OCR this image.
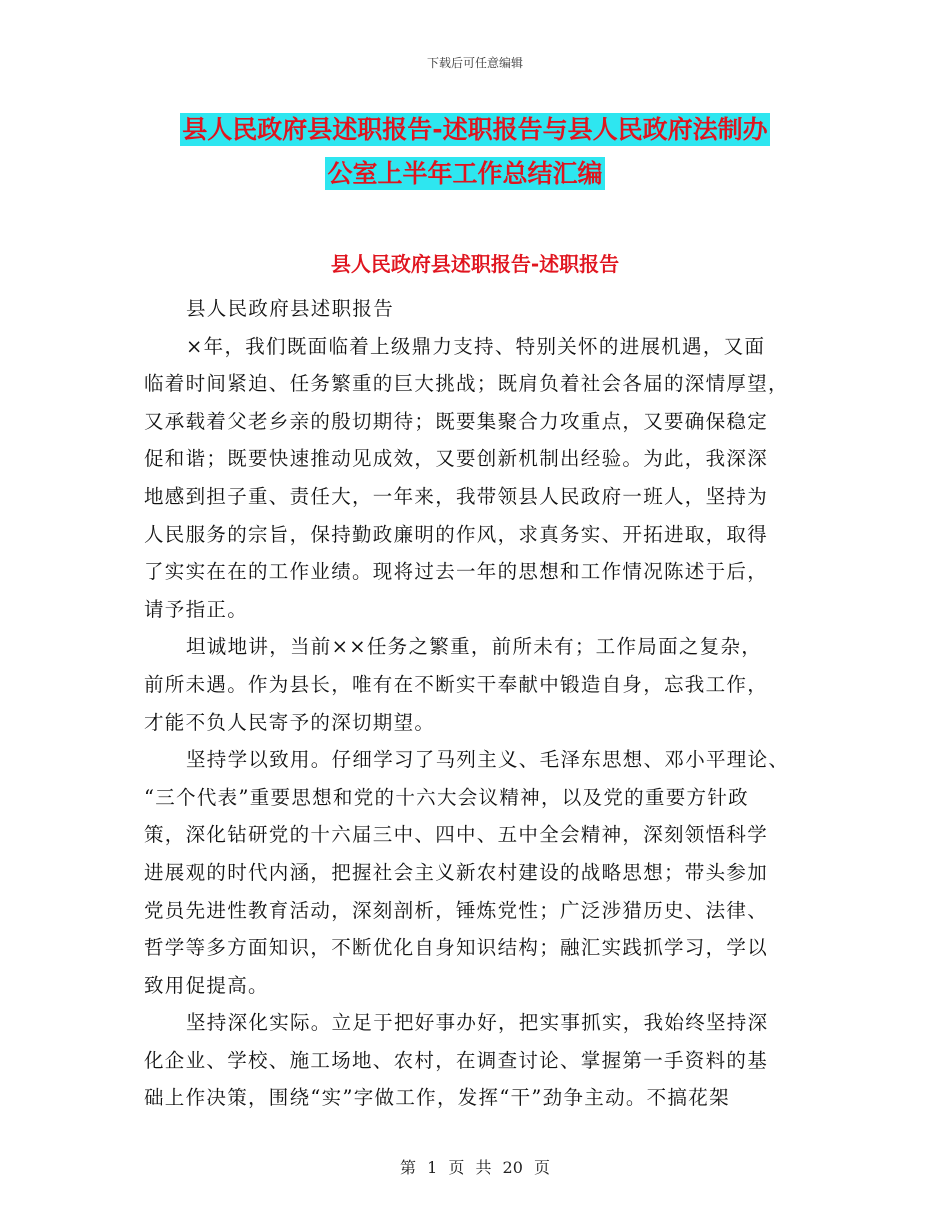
下载后可任意编辑
县人民政府县述职报告-述职报告与县人民政府法制办
公室上半年工作总结汇编
县人民政府县述职报告-述职报告
县人民政府县述职报告
×年，我们既面临着上级鼎力支持、特别关怀的进展机遇，又面
临着时间紧迫、任务繁重的巨大挑战；既肩负着社会各届的深情厚望，
又承载着父老乡亲的殷切期待；既要集聚合力攻重点，又要确保稳定
促和谐；既要快速推动见成效，又要创新机制出经验。为此，我深深
地感到担子重、责任大，一年来，我带领县人民政府一班人，坚持为
人民服务的宗旨，保持勤政廉明的作风，求真务实、开拓进取，取得
了实实在在的工作业绩。现将过去一年的思想和工作情况陈述于后，
请予指正。
坦诚地讲，当前××任务之繁重，前所未有；工作局面之复杂，
前所未遇。作为县长，唯有在不断实干奉献中锻造自身，忘我工作，
才能不负人民寄予的深切期望。
坚持学以致用。仔细学习了马列主义、毛泽东思想、邓小平理论、
“三个代表”重要思想和党的十六大会议精神，以及党的重要方针政
策，深化钻研党的十六届三中、四中、五中全会精神，深刻领悟科学
进展观的时代内涵，把握社会主义新农村建设的战略思想；带头参加
党员先进性教育活动，深刻剖析，锤炼党性；广泛涉猎历史、法律、
哲学等多方面知识，不断优化自身知识结构；融汇实践抓学习，学以
致用促提高。
坚持深化实际。立足于把好事办好，把实事抓实，我始终坚持深
化企业、学校、施工场地、农村，在调查讨论、掌握第一手资料的基
础上作决策，围绕“实”字做工作，发挥“干”劲争主动。不搞花架
第 1 页 共 20 页
